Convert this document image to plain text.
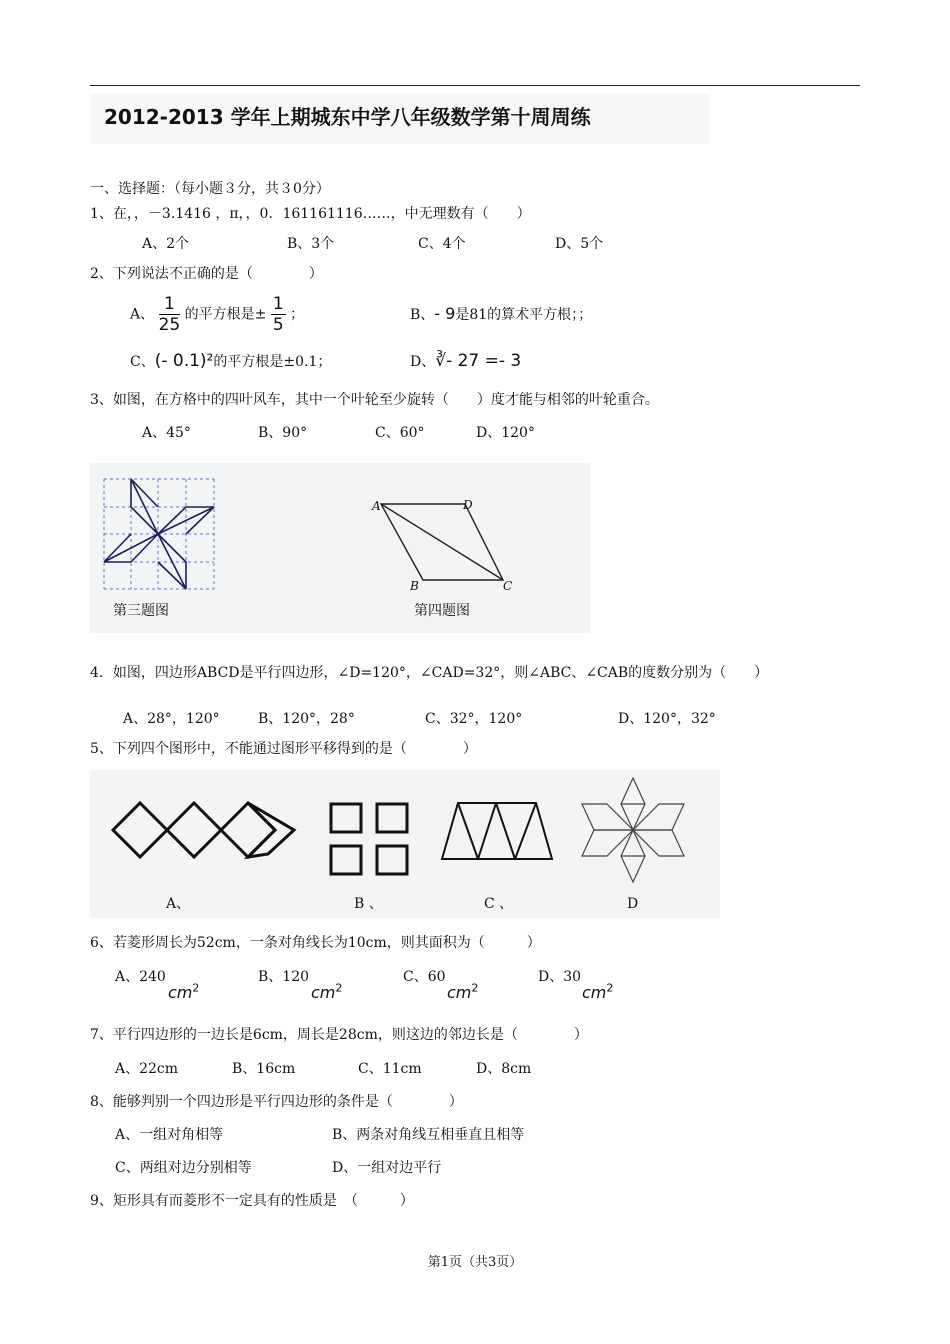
2012-2013 学年上期城东中学八年级数学第十周周练
一、选择题：（每小题３分，共３0分）
1、在，，－3.1416 ，π，，0．161161116……，中无理数有（　　）
A、2个	B、3个	C、4个	D、5个
2、下列说法不正确的是（　　　　）
A、 $\frac{1}{25}$ 的平方根是± $\frac{1}{5}$ ；	B、- 9是81的算术平方根；；
C、(- 0.1)²的平方根是±0.1；	D、∛- 27 =- 3
3、如图，在方格中的四叶风车，其中一个叶轮至少旋转（　　）度才能与相邻的叶轮重合。
A、45°	B、90°	C、60°	D、120°
第三题图
A	D
B	C
第四题图
4．如图，四边形ABCD是平行四边形，∠D=120°，∠CAD=32°，则∠ABC、∠CAB的度数分别为（　　）
A、28°，120°	B、120°，28°	C、32°，120°	D、120°，32°
5、下列四个图形中，不能通过图形平移得到的是（　　　　）
A、	B 、	C 、	D
6、若菱形周长为52cm，一条对角线长为10cm，则其面积为（　　　）
A、240
$cm^2$
B、120
$cm^2$
C、60
$cm^2$
D、30
$cm^2$
7、平行四边形的一边长是6cm，周长是28cm，则这边的邻边长是（　　　　）
A、22cm	B、16cm	C、11cm	D、8cm
8、能够判别一个四边形是平行四边形的条件是（　　　　）
A、一组对角相等	B、两条对角线互相垂直且相等
C、两组对边分别相等	D、一组对边平行
9、矩形具有而菱形不一定具有的性质是　（　　　）
第1页（共3页）
